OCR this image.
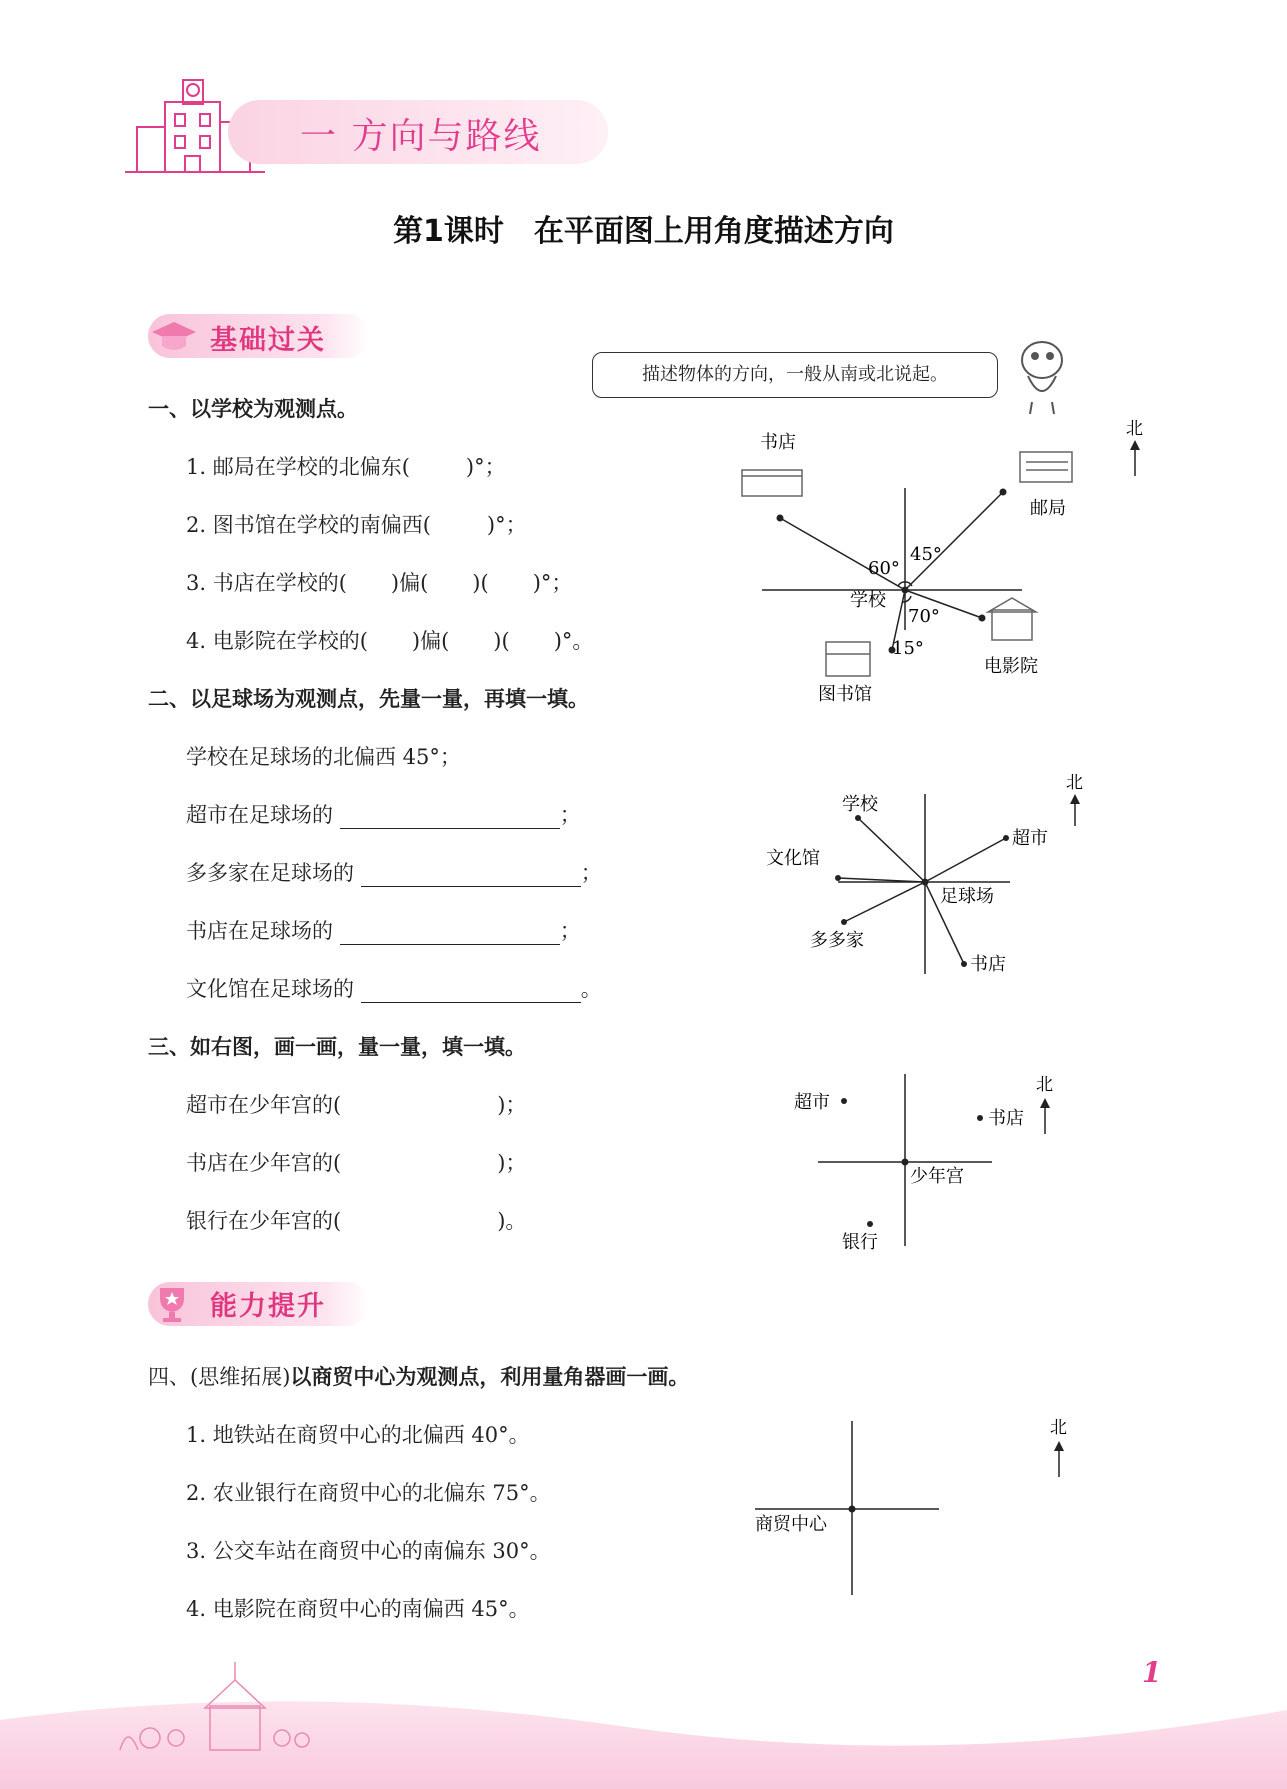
一 方向与路线
第1课时　在平面图上用角度描述方向
基础过关
描述物体的方向，一般从南或北说起。
一、以学校为观测点。
1. 邮局在学校的北偏东(	)°；
2. 图书馆在学校的南偏西(	)°；
3. 书店在学校的( )偏( )( )°；
4. 电影院在学校的( )偏( )( )°。
北
书店
邮局
学校
电影院
图书馆
60°
45°
70°
15°
二、以足球场为观测点，先量一量，再填一填。
学校在足球场的北偏西 45°；
超市在足球场的	；
多多家在足球场的	；
书店在足球场的	；
文化馆在足球场的	。
北
学校
超市
文化馆
足球场
多多家
书店
三、如右图，画一画，量一量，填一填。
超市在少年宫的(	)；
书店在少年宫的(	)；
银行在少年宫的(	)。
北
超市
书店
少年宫
银行
能力提升
四、(思维拓展)以商贸中心为观测点，利用量角器画一画。
1. 地铁站在商贸中心的北偏西 40°。
2. 农业银行在商贸中心的北偏东 75°。
3. 公交车站在商贸中心的南偏东 30°。
4. 电影院在商贸中心的南偏西 45°。
北
商贸中心
1
